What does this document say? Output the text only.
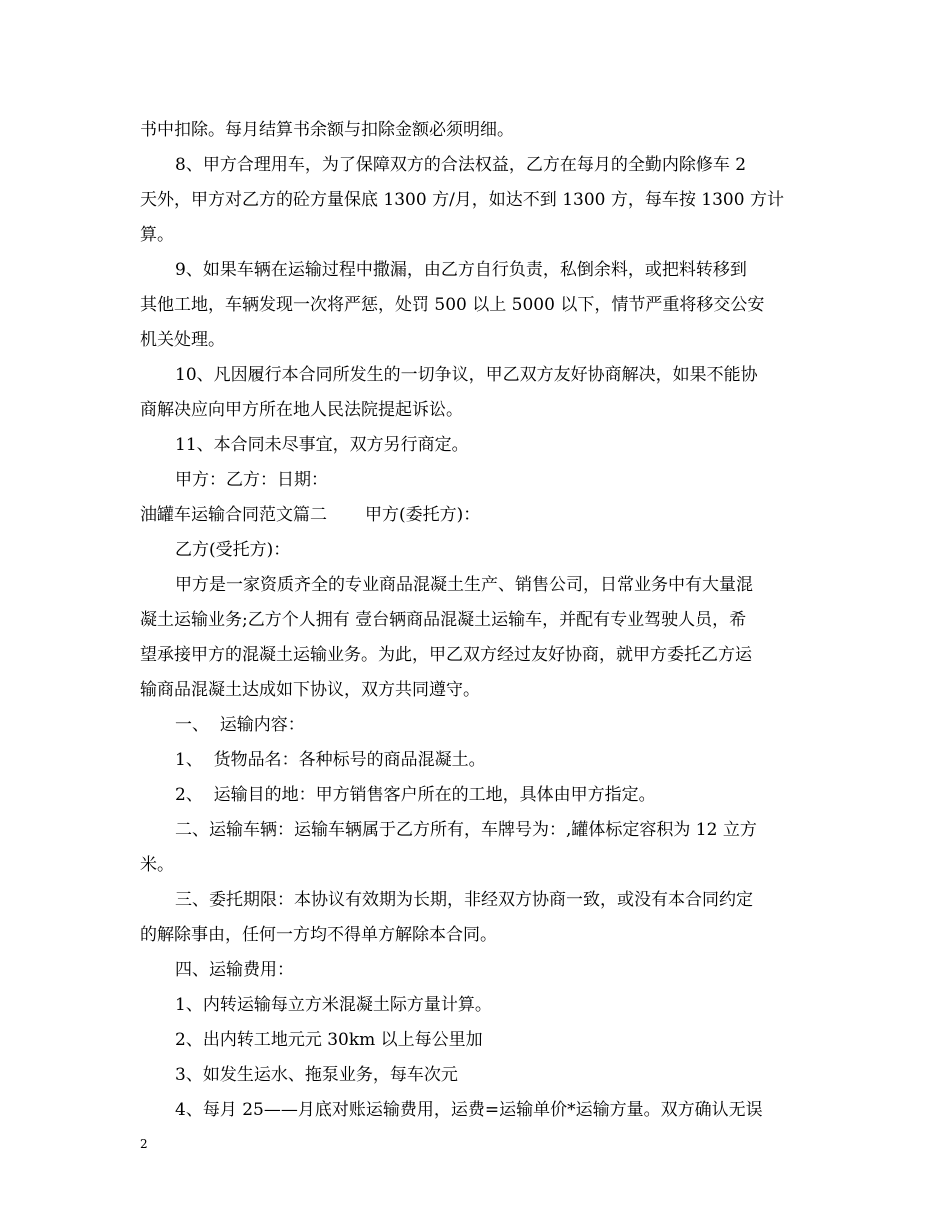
书中扣除。每月结算书余额与扣除金额必须明细。
8、甲方合理用车，为了保障双方的合法权益，乙方在每月的全勤内除修车 2
天外，甲方对乙方的砼方量保底 1300 方/月，如达不到 1300 方，每车按 1300 方计
算。
9、如果车辆在运输过程中撒漏，由乙方自行负责，私倒余料，或把料转移到
其他工地，车辆发现一次将严惩，处罚 500 以上 5000 以下，情节严重将移交公安
机关处理。
10、凡因履行本合同所发生的一切争议，甲乙双方友好协商解决，如果不能协
商解决应向甲方所在地人民法院提起诉讼。
11、本合同未尽事宜，双方另行商定。
甲方：乙方：日期：
油罐车运输合同范文篇二 甲方(委托方)：
乙方(受托方)：
甲方是一家资质齐全的专业商品混凝土生产、销售公司，日常业务中有大量混
凝土运输业务;乙方个人拥有 壹台辆商品混凝土运输车，并配有专业驾驶人员，希
望承接甲方的混凝土运输业务。为此，甲乙双方经过友好协商，就甲方委托乙方运
输商品混凝土达成如下协议，双方共同遵守。
一、  运输内容：
1、  货物品名：各种标号的商品混凝土。
2、  运输目的地：甲方销售客户所在的工地，具体由甲方指定。
二、运输车辆：运输车辆属于乙方所有，车牌号为：,罐体标定容积为 12 立方
米。
三、委托期限：本协议有效期为长期，非经双方协商一致，或没有本合同约定
的解除事由，任何一方均不得单方解除本合同。
四、运输费用：
1、内转运输每立方米混凝土际方量计算。
2、出内转工地元元 30km 以上每公里加
3、如发生运水、拖泵业务，每车次元
4、每月 25——月底对账运输费用，运费=运输单价*运输方量。双方确认无误
2
